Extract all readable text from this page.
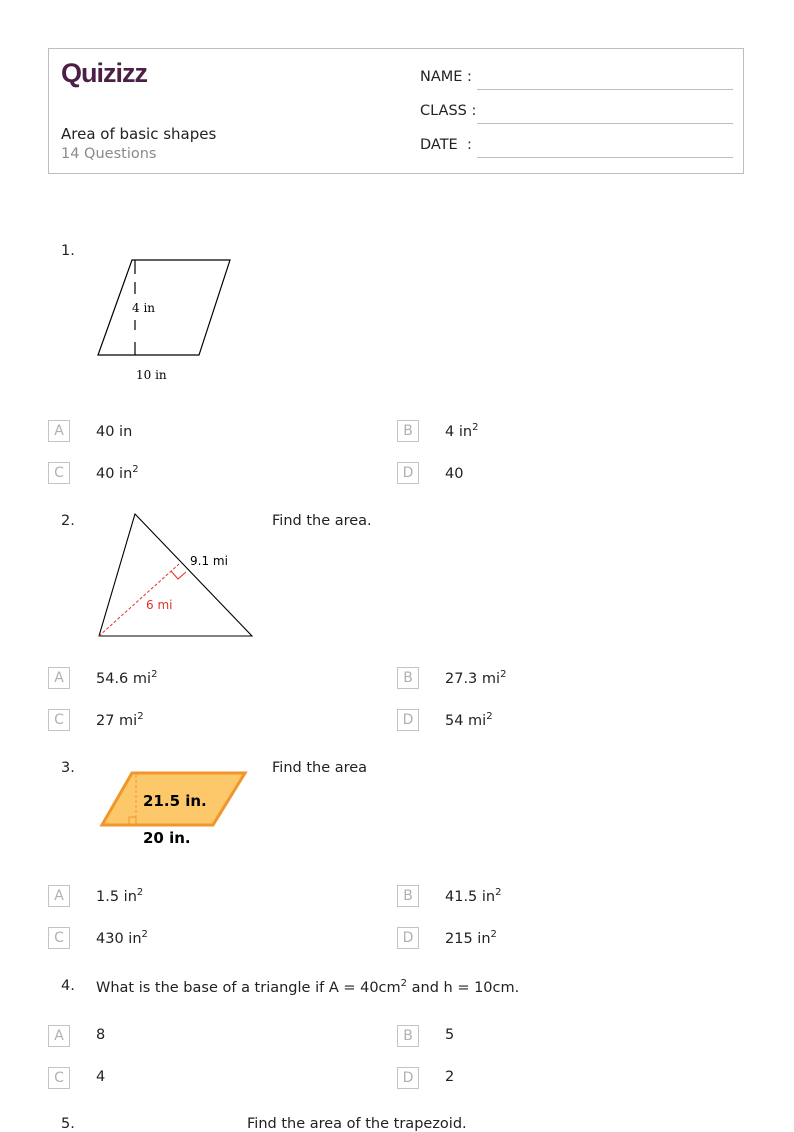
Quizizz
Area of basic shapes
14 Questions
NAME :
CLASS :
DATE  :
1.
4 in
10 in
A	40 in	B	4 $in^2$
C	40 $in^2$	D	40
2.
9.1 mi
6 mi
Find the area.
A	54.6 $mi^2$	B	27.3 $mi^2$
C	27 $mi^2$	D	54 $mi^2$
3.
21.5 in.
20 in.
Find the area
A	1.5 $in^2$	B	41.5 $in^2$
C	430 $in^2$	D	215 $in^2$
4. What is the base of a triangle if $A = 40cm^2$ and h = 10cm.
A	8	B	5
C	4	D	2
5.	Find the area of the trapezoid.
